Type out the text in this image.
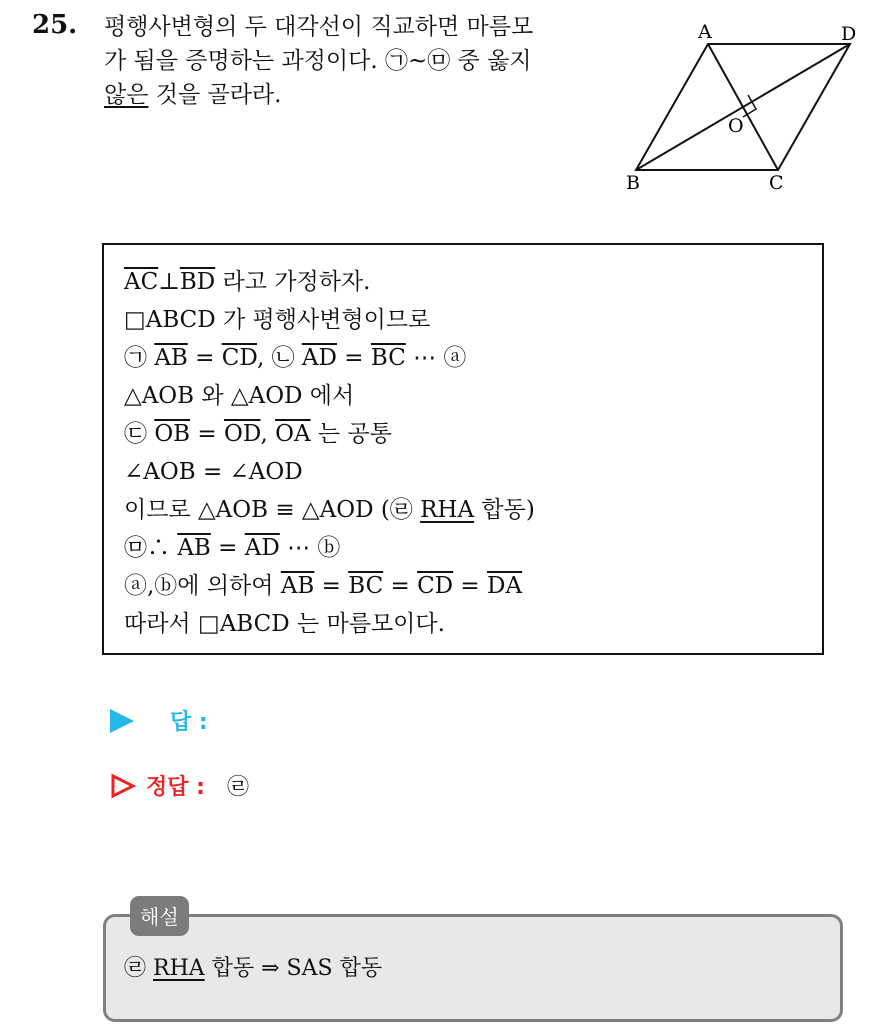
25. 평행사변형의 두 대각선이 직교하면 마름모
가 됨을 증명하는 과정이다. ㉠~㉤ 중 옳지
않은 것을 골라라.
A	D
B	C
O
$\overline{AC}\perp\overline{BD}$ 라고 가정하자.
□ABCD 가 평행사변형이므로
㉠ $\overline{AB} = \overline{CD}$, ㉡ $\overline{AD} = \overline{BC}$ ⋯ ⓐ
△AOB 와 △AOD 에서
㉢ $\overline{OB} = \overline{OD}$, $\overline{OA}$ 는 공통
∠AOB = ∠AOD
이므로 △AOB ≡ △AOD (㉣ RHA 합동)
㉤∴ $\overline{AB} = \overline{AD}$ ⋯ ⓑ
ⓐ,ⓑ에 의하여 $\overline{AB} = \overline{BC} = \overline{CD} = \overline{DA}$
따라서 □ABCD 는 마름모이다.
답 :
정답 : ㉣
해설
㉣ RHA 합동 ⇒ SAS 합동
